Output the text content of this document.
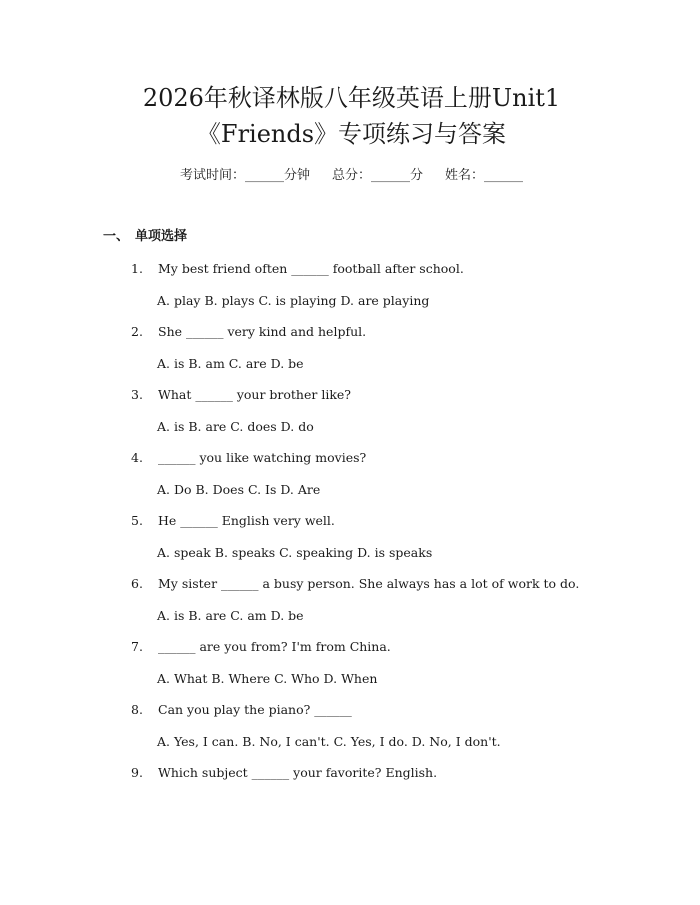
2026年秋译林版八年级英语上册Unit1
《Friends》专项练习与答案
考试时间：______分钟 总分：______分 姓名：______
一、 单项选择
1. My best friend often ______ football after school.
A. play B. plays C. is playing D. are playing
2. She ______ very kind and helpful.
A. is B. am C. are D. be
3. What ______ your brother like?
A. is B. are C. does D. do
4. ______ you like watching movies?
A. Do B. Does C. Is D. Are
5. He ______ English very well.
A. speak B. speaks C. speaking D. is speaks
6. My sister ______ a busy person. She always has a lot of work to do.
A. is B. are C. am D. be
7. ______ are you from? I'm from China.
A. What B. Where C. Who D. When
8. Can you play the piano? ______
A. Yes, I can. B. No, I can't. C. Yes, I do. D. No, I don't.
9. Which subject ______ your favorite? English.
